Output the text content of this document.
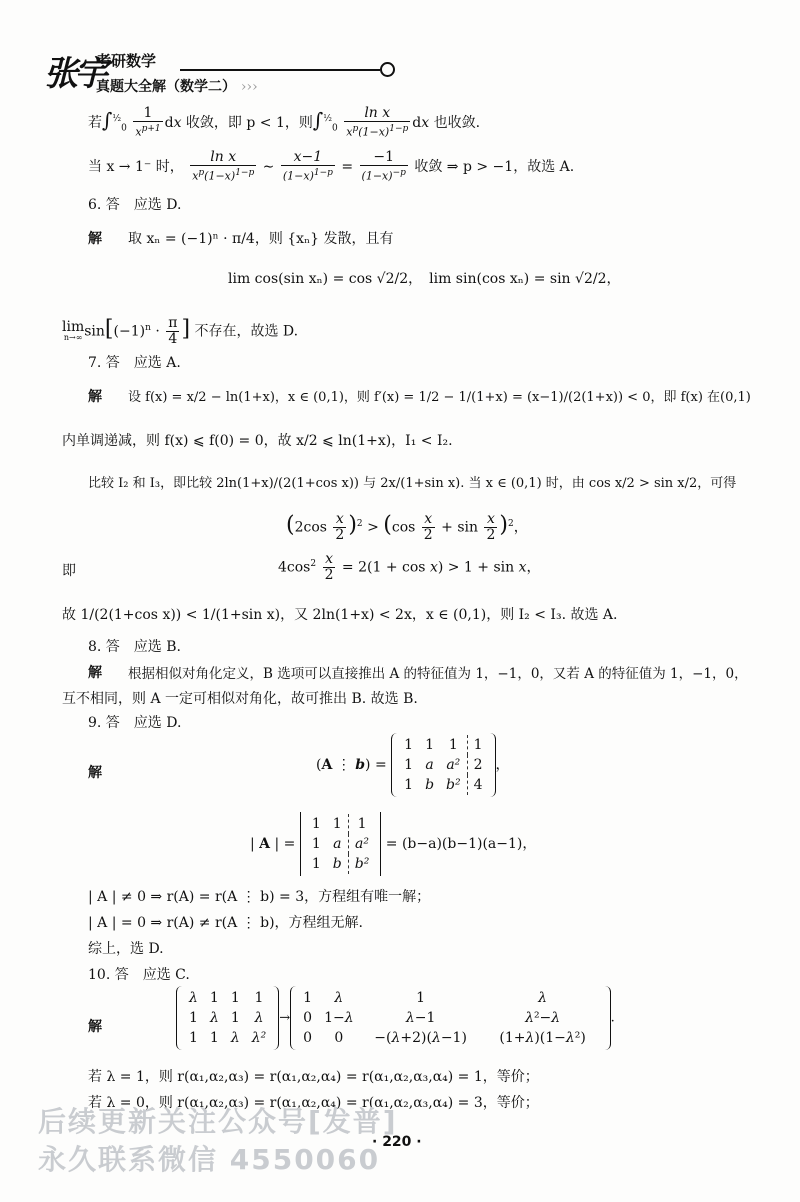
张宇
考研数学
真题大全解（数学二） ›››
若$\int^{\frac{1}{2}}_0 \frac{1}{x^{p+1}}$ dx 收敛，即 p < 1，则$\int^{\frac{1}{2}}_0 \frac{\text{ln x}}{x^p(1-x)^{1-p}}$ dx 也收敛.
当 x → 1⁻ 时， $\frac{\text{ln x}}{x^p(1-x)^{1-p}}$ ∼ $\frac{x-1}{(1-x)^{1-p}} = \frac{-1}{(1-x)^{-p}}$ 收敛 ⇒ p > −1，故选 A.
6. 答　应选 D.
解 取 xₙ = (−1)ⁿ · π/4，则 {xₙ} 发散，且有
lim cos(sin xₙ) = cos √2/2，　lim sin(cos xₙ) = sin √2/2，
lim
n→∞ $\sin[(-1)^n \cdot \frac{\pi}{4}$ ] 不存在，故选 D.
7. 答　应选 A.
解 设 f(x) = x/2 − ln(1+x)，x ∈ (0,1)，则 f′(x) = 1/2 − 1/(1+x) = (x−1)/(2(1+x)) < 0，即 f(x) 在(0,1)
内单调递减，则 f(x) ⩽ f(0) = 0，故 x/2 ⩽ ln(1+x)，I₁ < I₂.
比较 I₂ 和 I₃，即比较 2ln(1+x)/(2(1+cos x)) 与 2x/(1+sin x). 当 x ∈ (0,1) 时，由 cos x/2 > sin x/2，可得
$(2\cos \frac{x}{2} )^2 > (\cos \frac{x}{2} + \sin \frac{x}{2} )^2$，
即	$4\cos^2 \frac{x}{2} = 2(1 + \cos x) > 1 + \sin x$，
故 1/(2(1+cos x)) < 1/(1+sin x)，又 2ln(1+x) < 2x，x ∈ (0,1)，则 I₂ < I₃. 故选 A.
8. 答　应选 B.
解 根据相似对角化定义，B 选项可以直接推出 A 的特征值为 1，−1，0，又若 A 的特征值为 1，−1，0，
互不相同，则 A 一定可相似对角化，故可推出 B. 故选 B.
9. 答　应选 D.
解	(A ⋮ b) =
1	1	1	1
1	a	a²	2
1	b	b²	4
，
| A | =
1	1	1
1	a	a²
1	b	b²
= (b−a)(b−1)(a−1)，
| A | ≠ 0 ⇒ r(A) = r(A ⋮ b) = 3，方程组有唯一解；
| A | = 0 ⇒ r(A) ≠ r(A ⋮ b)，方程组无解.
综上，选 D.
10. 答　应选 C.
解
λ	1	1	1
1	λ	1	λ
1	1	λ	λ²
→
1	λ	1	λ
0	1−λ	λ−1	λ²−λ
0	0	−(λ+2)(λ−1)	(1+λ)(1−λ²)
.
若 λ = 1，则 r(α₁,α₂,α₃) = r(α₁,α₂,α₄) = r(α₁,α₂,α₃,α₄) = 1，等价；
若 λ = 0，则 r(α₁,α₂,α₃) = r(α₁,α₂,α₄) = r(α₁,α₂,α₃,α₄) = 3，等价；
· 220 ·
后续更新关注公众号[发普]
永久联系微信 4550060
